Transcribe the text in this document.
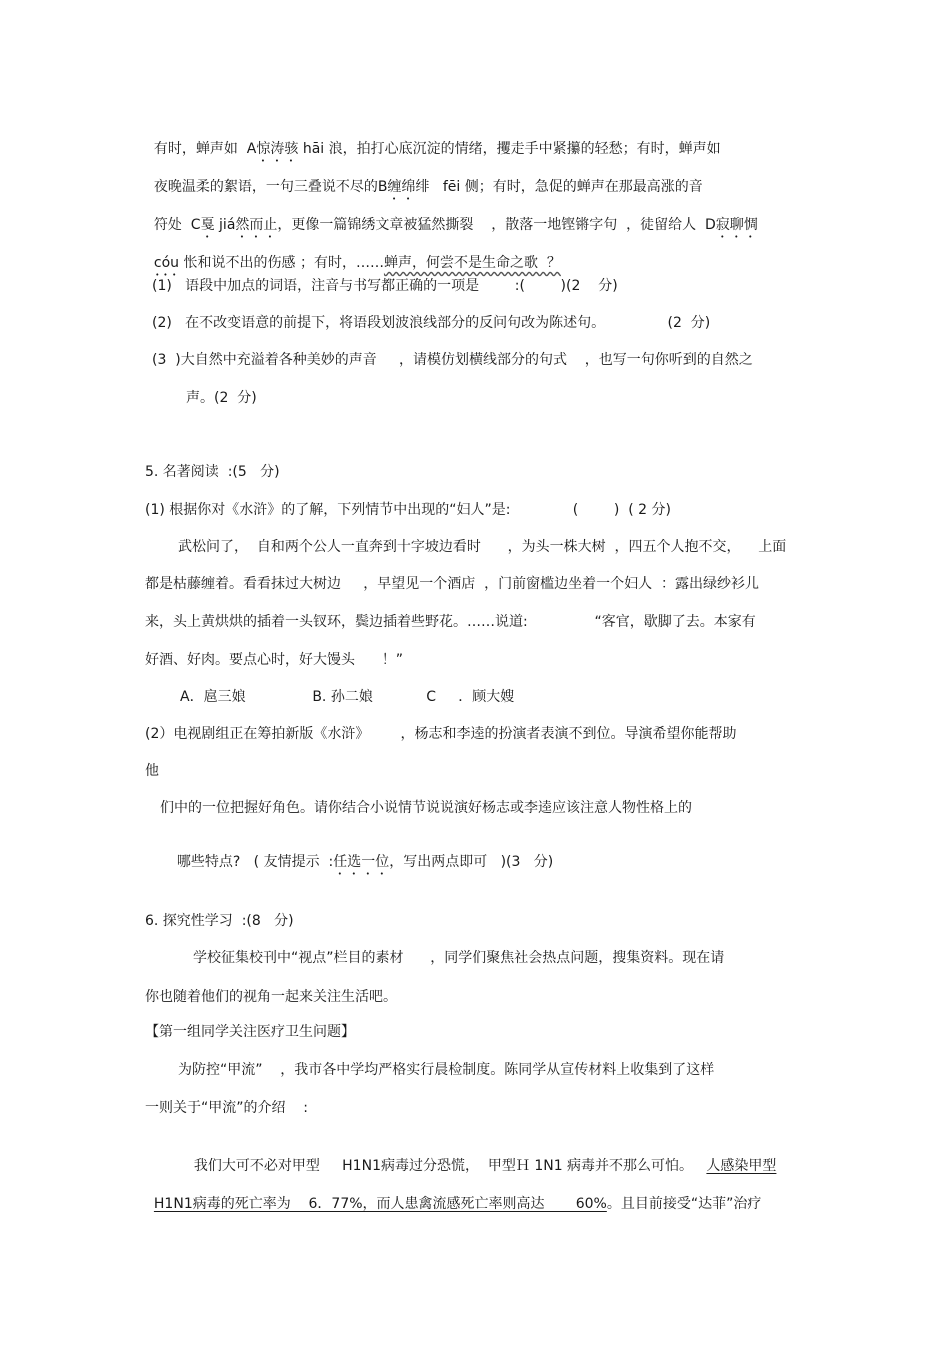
有时，蝉声如  A惊涛骇 hāi 浪，拍打心底沉淀的情绪，攫走手中紧攥的轻愁；有时，蝉声如

夜晚温柔的絮语，一句三叠说不尽的B缠绵绯   fēi 侧；有时，急促的蝉声在那最高涨的音

符处  C戛 jiá然而止，更像一篇锦绣文章被猛然撕裂    ，散落一地铿锵字句  ，徒留给人  D寂聊惆

cóu 怅和说不出的伤感 ；有时，……蝉声，何尝不是生命之歌  ？

(1)   语段中加点的词语，注音与书写都正确的一项是        :(        )(2    分)
(2)   在不改变语意的前提下，将语段划波浪线部分的反问句改为陈述句。              (2  分)
(3  )大自然中充溢着各种美妙的声音     ，请模仿划横线部分的句式    ，也写一句你听到的自然之
声。(2  分)
5. 名著阅读  :(5   分)
(1) 根据你对《水浒》的了解，下列情节中出现的“妇人”是:              (        )  ( 2 分)
武松问了，  自和两个公人一直奔到十字坡边看时      ，为头一株大树  ，四五个人抱不交，    上面
都是枯藤缠着。看看抹过大树边     ，早望见一个酒店  ，门前窗槛边坐着一个妇人  ：露出绿纱衫儿
来，头上黄烘烘的插着一头钗环，鬓边插着些野花。……说道:               “客官，歇脚了去。本家有
好酒、好肉。要点心时，好大馒头      ！”
A．扈三娘               B. 孙二娘            C     ．顾大嫂
(2）电视剧组正在筹拍新版《水浒》       ，杨志和李逵的扮演者表演不到位。导演希望你能帮助
他
们中的一位把握好角色。请你结合小说情节说说演好杨志或李逵应该注意人物性格上的

哪些特点?   ( 友情提示  :任选一位，写出两点即可   )(3   分)

6. 探究性学习  :(8   分)
学校征集校刊中“视点”栏目的素材      ，同学们聚焦社会热点问题，搜集资料。现在请
你也随着他们的视角一起来关注生活吧。
【第一组同学关注医疗卫生问题】
为防控“甲流”    ，我市各中学均严格实行晨检制度。陈同学从宣传材料上收集到了这样
一则关于“甲流”的介绍    :

我们大可不必对甲型     H1N1病毒过分恐慌，  甲型Ｈ 1N1 病毒并不那么可怕。   人感染甲型

H1N1病毒的死亡率为    6．77%，而人患禽流感死亡率则高达       60%。且目前接受“达菲”治疗
